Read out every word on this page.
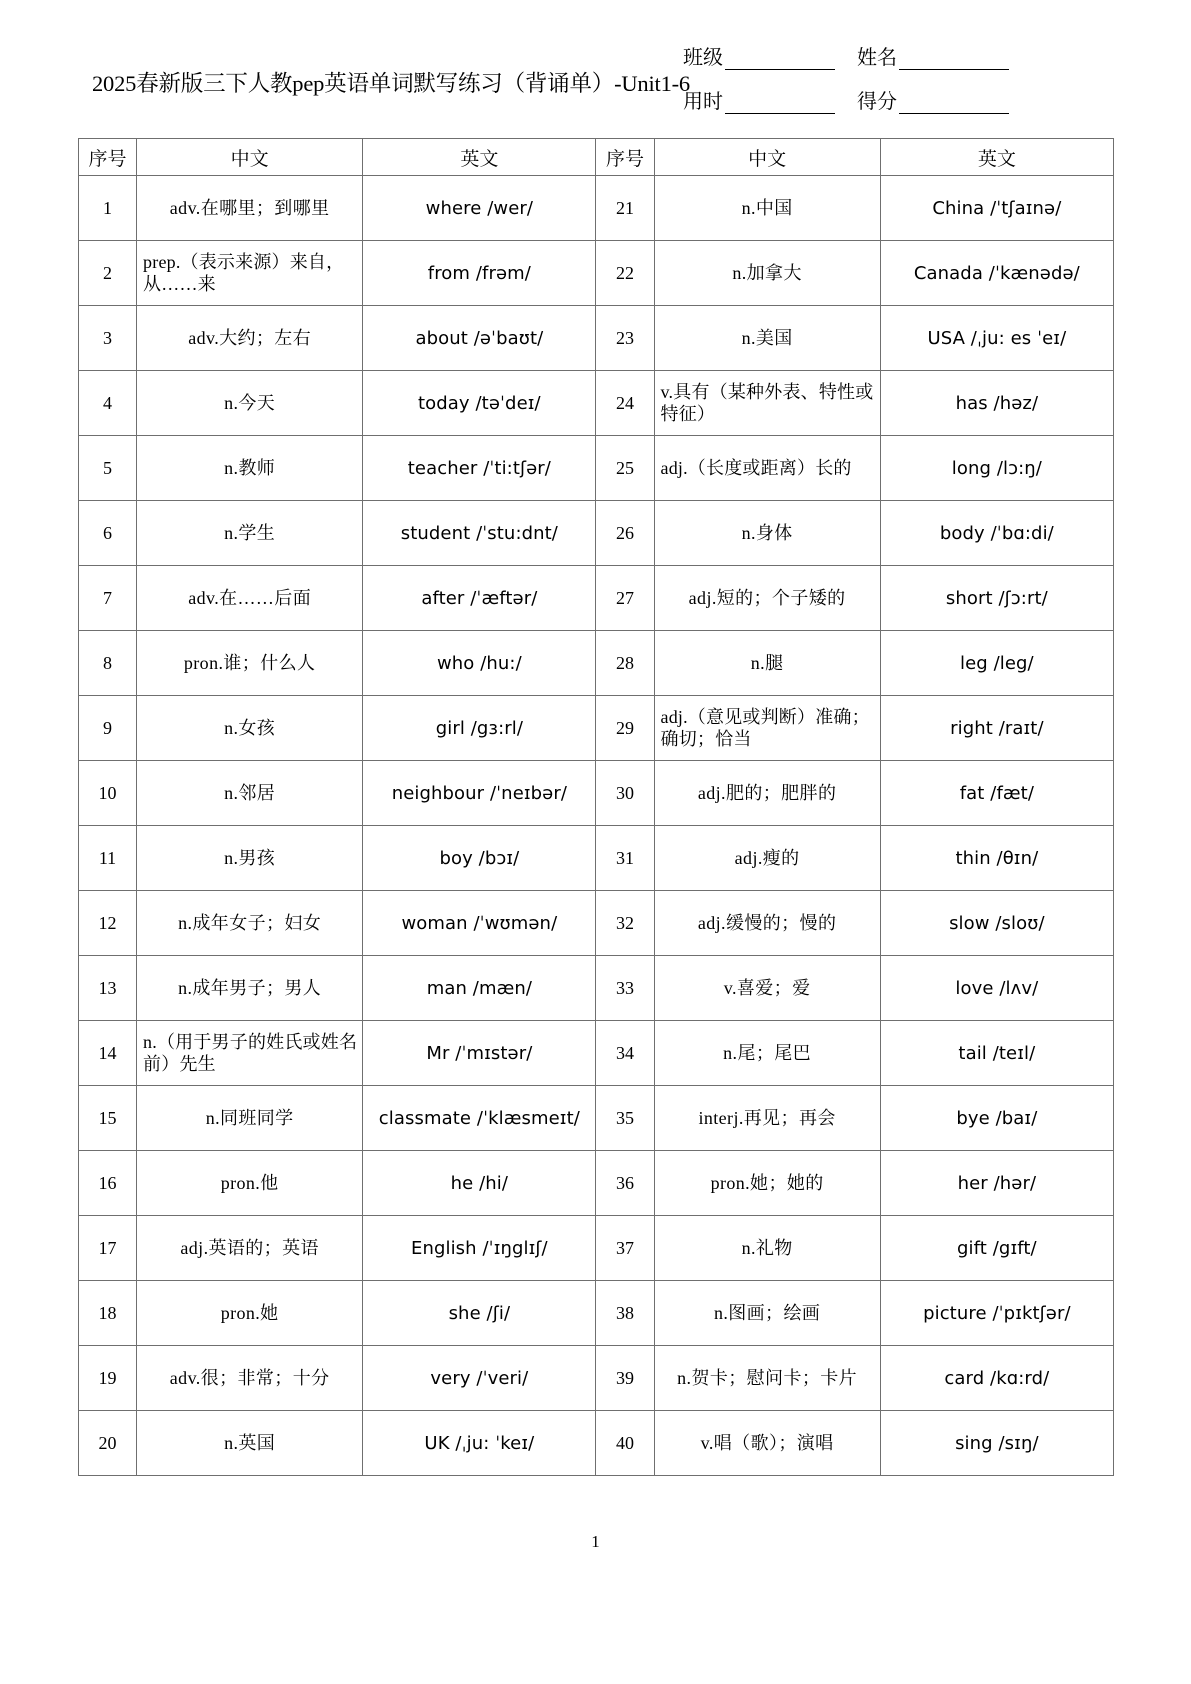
2025春新版三下人教pep英语单词默写练习（背诵单）-Unit1-6
班级	姓名
用时	得分
序号	中文	英文	序号	中文	英文
1	adv.在哪里；到哪里	where /wer/	21	n.中国	China /ˈtʃaɪnə/
2	prep.（表示来源）来自，从……来	from /frəm/	22	n.加拿大	Canada /ˈkænədə/
3	adv.大约；左右	about /əˈbaʊt/	23	n.美国	USA /ˌju: es ˈeɪ/
4	n.今天	today /təˈdeɪ/	24	v.具有（某种外表、特性或特征）	has /həz/
5	n.教师	teacher /ˈti:tʃər/	25	adj.（长度或距离）长的	long /lɔ:ŋ/
6	n.学生	student /ˈstu:dnt/	26	n.身体	body /ˈbɑ:di/
7	adv.在……后面	after /ˈæftər/	27	adj.短的；个子矮的	short /ʃɔ:rt/
8	pron.谁；什么人	who /hu:/	28	n.腿	leg /leg/
9	n.女孩	girl /gɜ:rl/	29	adj.（意见或判断）准确；确切；恰当	right /raɪt/
10	n.邻居	neighbour /ˈneɪbər/	30	adj.肥的；肥胖的	fat /fæt/
11	n.男孩	boy /bɔɪ/	31	adj.瘦的	thin /θɪn/
12	n.成年女子；妇女	woman /ˈwʊmən/	32	adj.缓慢的；慢的	slow /sloʊ/
13	n.成年男子；男人	man /mæn/	33	v.喜爱；爱	love /lʌv/
14	n.（用于男子的姓氏或姓名前）先生	Mr /ˈmɪstər/	34	n.尾；尾巴	tail /teɪl/
15	n.同班同学	classmate /ˈklæsmeɪt/	35	interj.再见；再会	bye /baɪ/
16	pron.他	he /hi/	36	pron.她；她的	her /hər/
17	adj.英语的；英语	English /ˈɪŋglɪʃ/	37	n.礼物	gift /gɪft/
18	pron.她	she /ʃi/	38	n.图画；绘画	picture /ˈpɪktʃər/
19	adv.很；非常；十分	very /ˈveri/	39	n.贺卡；慰问卡；卡片	card /kɑ:rd/
20	n.英国	UK /ˌju: ˈkeɪ/	40	v.唱（歌）；演唱	sing /sɪŋ/
1
